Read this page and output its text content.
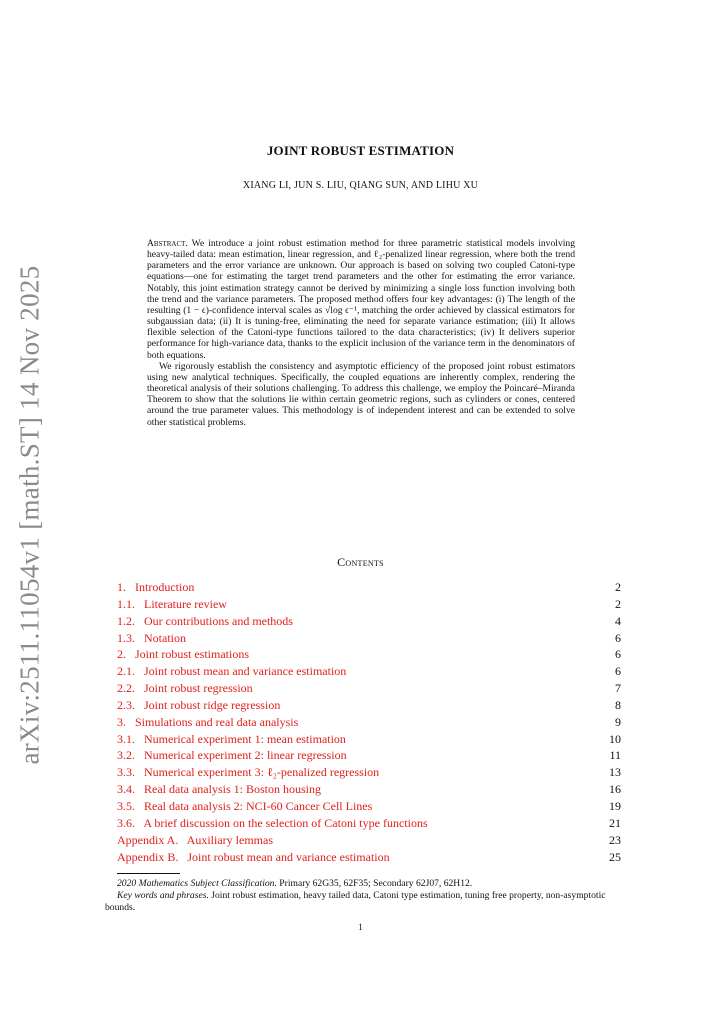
arXiv:2511.11054v1 [math.ST] 14 Nov 2025
JOINT ROBUST ESTIMATION
XIANG LI, JUN S. LIU, QIANG SUN, AND LIHU XU

Abstract. We introduce a joint robust estimation method for three parametric statistical models involving heavy-tailed data: mean estimation, linear regression, and ℓ₂-penalized linear regression, where both the trend parameters and the error variance are unknown. Our approach is based on solving two coupled Catoni-type equations—one for estimating the target trend parameters and the other for estimating the error variance. Notably, this joint estimation strategy cannot be derived by minimizing a single loss function involving both the trend and the variance parameters. The proposed method offers four key advantages: (i) The length of the resulting (1 − ϵ)-confidence interval scales as √log ϵ⁻¹, matching the order achieved by classical estimators for subgaussian data; (ii) It is tuning-free, eliminating the need for separate variance estimation; (iii) It allows flexible selection of the Catoni-type functions tailored to the data characteristics; (iv) It delivers superior performance for high-variance data, thanks to the explicit inclusion of the variance term in the denominators of both equations.

We rigorously establish the consistency and asymptotic efficiency of the proposed joint robust estimators using new analytical techniques. Specifically, the coupled equations are inherently complex, rendering the theoretical analysis of their solutions challenging. To address this challenge, we employ the Poincaré–Miranda Theorem to show that the solutions lie within certain geometric regions, such as cylinders or cones, centered around the true parameter values. This methodology is of independent interest and can be extended to solve other statistical problems.

Contents
1.   Introduction	2
1.1.   Literature review	2
1.2.   Our contributions and methods	4
1.3.   Notation	6
2.   Joint robust estimations	6
2.1.   Joint robust mean and variance estimation	6
2.2.   Joint robust regression	7
2.3.   Joint robust ridge regression	8
3.   Simulations and real data analysis	9
3.1.   Numerical experiment 1: mean estimation	10
3.2.   Numerical experiment 2: linear regression	11
3.3.   Numerical experiment 3: ℓ₂-penalized regression	13
3.4.   Real data analysis 1: Boston housing	16
3.5.   Real data analysis 2: NCI-60 Cancer Cell Lines	19
3.6.   A brief discussion on the selection of Catoni type functions	21
Appendix A.   Auxiliary lemmas	23
Appendix B.   Joint robust mean and variance estimation	25

2020 Mathematics Subject Classification. Primary 62G35, 62F35; Secondary 62J07, 62H12.

Key words and phrases. Joint robust estimation, heavy tailed data, Catoni type estimation, tuning free property, non-asymptotic bounds.

1
